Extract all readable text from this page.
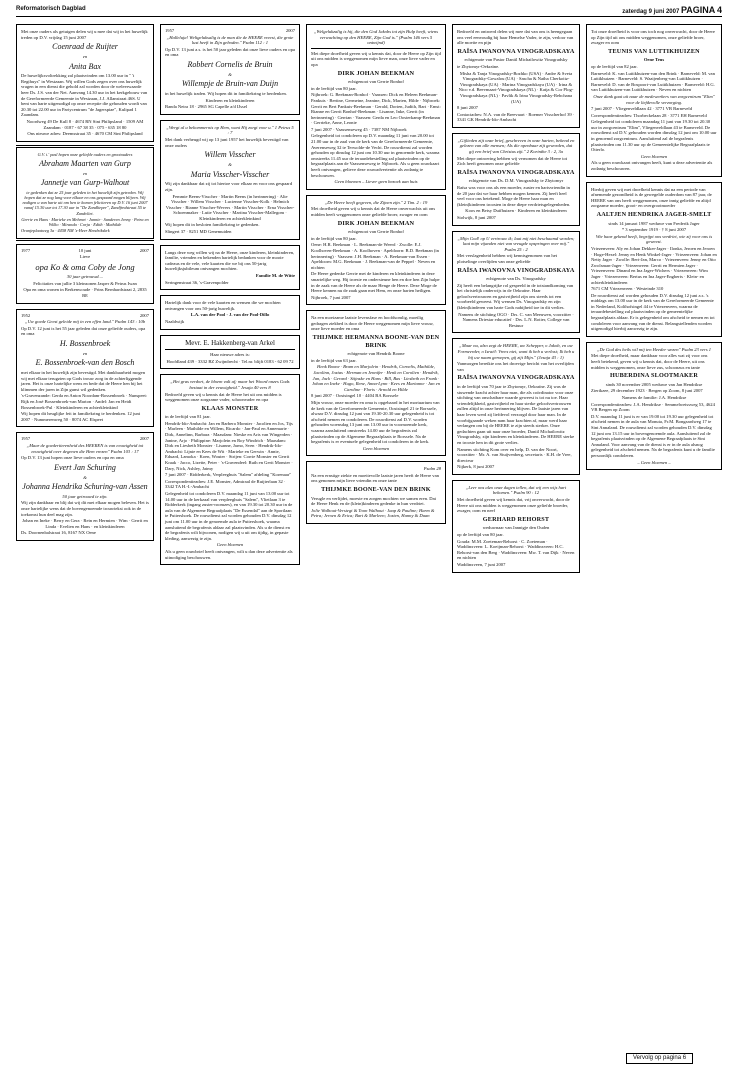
Reformatorisch Dagblad	zaterdag 9 juni 2007 PAGINA 4

Met onze ouders als getuigen delen wij u mee dat wij in het huwelijk treden op D.V. vrijdag 15 juni 2007

Coenraad de Ruijter
en
Anita Bax

De huwelijksvoltrekking zal plaatsvinden om 13.00 uur in " 't Regthuys" in Westzaan. Wij willen Gods zegen over ons huwelijk vragen in een dienst die gehold zal worden door de weleerwaarde heer Ds. J.S. van der Net. Aanvang 14.30 uur in het kerkgebouw van de Gereformeerde Gemeente in Westzaan, J.J. Allanstraat 46S. U bent van harte uitgenodigd op onze receptie die gehouden wordt van 20.30 tot 22.00 uur in Partycentrum "de Jagerspiae", Kulipad 1 Zaandam.

Noordweg 49 De Kull 8 · 4674 RN Sint Philipsland · 1509 AM Zaandam · 0187 - 67 38 35 · 075 - 635 18 80

Ons nieuwe adres: Deemsstraat 35 · 4670 CM Sint Philipsland

G.V. i.' pasl hopen onze geliefde ouders en grootouders

Abraham Maarten van Gurp
en
Jannetje van Gurp-Walhout

te gedenken dat ze 25 jaar geleden in het huwelijk zijn getreden. Wij hopen dat ze nog lang voor elkaar en ons gespaard mogen blijven. Wij nodigen u van harte uit om hen te komen feliciteren op D.V. 16 juni 2007 vanaf 15.30 uur tot 17.30 uur in "De Zandlieper", Zandfredstraat 55 te Zandvliet.

Gerrie en Hans · Marieke en Mehmet · Jannie · Sanderen Jenny · Petra en Wilko · Miranda · Corja · Edith · Mathilde

Oranjeplaatweg 3a · 4458 NM 's-Heer Hendrikskrk

1977	10 juni	2007

Lieve

opa Ko & oma Coby de Jong

30 jaar getrouwd....

Felicitaties van jullie 3 kleinzonen Jasper & Petrus Iwan

Opa en oma wonen in Berkenwoude · Prins Bernhardstraat 2, 2835 BE

1952	2007

„Uw goede Geest geleide mij in een effen land." Psalm 143 : 10b

Op D.V. 12 juni is het 55 jaar geleden dat onze geliefde ouders, opa en oma

H. Bossenbroek
en
E. Bossenbroek-van den Bosch

met elkaar in het huwelijk zijn bevestigd. Met dankbaarheid mogen wij met elkaar terugzien op Gods trouw zorg in de achterliggende jaren. Het is onze hartelijke wens en bede dat de Heere hen bij het klimmen der jaren in Zijn gunst wil gedenken.

's-Gravenzande: Gerda en Anton Noordam-Bossenbroek · Nunspeet: Rijk en José Bossenbroek-van Marion · Andel: Jan en Heidi Bossenbroek-Pul · Kleinkinderen en achterkleinkind

Wij hopen dit heuglijke feit in familiekring te herdenken. 12 juni 2007 · Nummerenweg 50 · 8074 AC Elspeet

1957	2007

„Maar de goedertierenheid des HEEREN is van eeuwigheid tot eeuwigheid over degenen die Hem vrezen" Psalm 103 : 17

Op D.V. 13 juni hopen onze lieve ouders en opa en oma

Evert Jan Schuring
&
Johanna Hendrika Schuring-van Assen

50 jaar getrouwd te zijn.

Wij zijn dankbaar en blij dat wij dit met elkaar mogen beleven. Het is onze hartelijke wens dat de bovengenoemde trouwtekst ook in de toekomst hun deel mag zijn.

Johan en Ineke · Berry en Gera · Rein en Hermien · Wim · Gerrit en Linda · Evelien en Hans · en kleinkinderen

Ds. Doornenbalstraat 16, 8167 NX Oene

1957	2007

„Halleluja! Weltgeluksalig is de man die de HEERE vreest, die grote lust heeft in Zijn geboden." Psalm 112 : 1

Op D.V. 13 juni a.s. is het 50 jaar geleden dat onze lieve ouders en opa en oma

Robbert Cornelis de Bruin
&
Willempje de Bruin-van Duijn

in het huwelijk traden. Wij hopen dit in familiekring te herdenken.

Kinderen en kleinkinderen

Banda Neira 18 · 2965 SG Capelle a/d IJssel

„Wergt al u bekommernis op Hem, want Hij zorgt voor u." 1 Petrus 5 : 7

Met dank verheugd wij op 13 juni 1957 het huwelijk bevestigd van onze ouders

Willem Visscher
&
Maria Visscher-Visscher

Wij zijn dankbaar dat zij tot hiertoe voor elkaar en voor ons gespaard zijn.

Femmie Beens-Visscher · Martin Beens (in herinnering) · Alie Visscher · Willem Visscher · Lucienne Visscher-Kolk · Helmich Visscher · Rianne Visscher-Wevers · Martin Visscher · Erna Visscher-Schoenmaker · Lutie Visscher · Martina Visscher-Mallegom · Kleinkinderen en achterkleinkind

Wij hopen dit in besloten familiekring te gedenken.

Slingert 37 · 8251 MD Genemuiden

Langs deze weg willen wij na de Heere, onze kinderen, kleinkinderen, familie, vrienden en bekenden hartelijk bedanken voor de mooie cadeaus en de vele, vele kaarten die we bij ons 50-jarig huwelijksjubileum ontvangen mochten.

Familie M. de Witte

Seringenstraat 36, 's-Gravenpolder

Hartelijk dank voor de vele kaarten en wensen die we mochten ontvangen voor ons 50-jarig huwelijk.

L.A. van der Pool · J. van der Pool-Dillo

Naaldwijk

Mevr. E. Hakkenberg-van Arkel

Haar nieuwe adres is:

Hoofdland 439 · 3332 BZ Zwijndrecht · Tel.nr. blijft 0183 - 62 09 72

„Het gras verdort, de bloem valt af; maar het Woord onzes Gods bestaat in der eeuwigheid." Jesaja 40 vers 8

Bedroefd geven wij u kennis dat de Heere het uit ons midden is weggenomen onze zorgzame vader, schoonvader en opa

KLAAS MONSTER

in de leeftijd van 81 jaar.

Hendrik-Ido-Ambacht: Jan en Barbera Monster · Jacolien en Jos, Tijs · Marleen · Mathilde en Willem, Ricardo · Jan-Paul en Annemarie · Dirk, Annelinn, Barbara · Maasdam: Nieske en Aris van Wingerden · Janine, Arjo · Philippine: Marjolein en Roy Windrich · Maasdam: Dirk en Liesbeth Monster · Lisanne, Jarno, Sven · Hendrik-Ido-Ambacht: Lijnie en Kees de Wit · Marieke en Gerwin · Annie, Eduard, Lamoka · Koen, Wouter · Strijen: Corrie Monster en Gerrit Kraak · Jacco, Lizette, Peter · 's-Gravendeel: Ruth en Gerit Monster · Dary, Nick, Ashley, Jaimy

7 juni 2007 · Ridderkerk, Verpleeghuis "Salem" afdeling "Korenaar"

Correspondentieadres: J.E. Monster, Admiraal de Ruijterlaan 32 · 3342 TA H.-I.-Ambacht

Gelegenheid tot condoleren D.V. maandag 11 juni van 13.00 uur tot 14.00 uur in de kerkzaal van verpleeghuis "Salem", Vlietlaan 3 te Ridderkerk (ingang zuster-roomzes), en van 19.30 tot 20.30 uur in de aula van de Algemene Begraafplaats "De Essendal" aan de Sportlaan te Puttershoek. De rouwdienst zal worden gehouden D.V. dinsdag 12 juni om 11.00 uur in de genoemde aula te Puttershoek, waarna aansluitend de begrafenis aldaar zal plaatsvinden. Als u de dienst en de begrafenis wilt bijwonen, nodigen wij u uit om tijdig, in gepaste kleding, aanwezig te zijn.

Geen bloemen

Als u geen rouwbrief heeft ontvangen, wilt u dan deze advertentie als uitnodiging beschouwen.

„Welgelukzalig is hij, die den God Jakobs tot zijn Hulp heeft, wiens verwachting op den HEERE, Zijn God is." (Psalm 146 vers 5 ontwijnd)

Met diepe droefheid geven wij u kennis dat, door de Heere op Zijn tijd uit ons midden is weggenomen mijn lieve man, onze lieve vader en opa

DIRK JOHAN BEEKMAN

echtgenoot van Gerrie Bonhof

in de leeftijd van 80 jaar.

Nijbroek: G. Beekman-Bonhof · Vaassen: Dick en Heleen Beekman-Pankuis · Bertine, Germeine, Jeanine, Dick, Marten, Hilde · Nijbroek: Gerrit en Bert Pankuis-Beekman · Gerald, Dorien, Judith, Bart · Emst: Rianne en Gerrit Bonhof-Beekman · Lisanne, Inke, Gerrit (in herinnering) · Gerrian · Vaassen: Gerda en Leo Oosterkamp-Beekman · Gerrieke, Anne, Leonie

7 juni 2007 · Vaassenseweg 45 · 7387 NM Nijbroek

Gelegenheid tot condoleren op D.V. maandag 11 juni van 20.00 tot 21.00 uur in de zaal van de kerk van de Gereformeerde Gemeente, Averenseweg 32 te Terwolde-de Vecht. De rouwdienst zal worden gehouden op dinsdag 12 juni om 10.30 uur in genoemde kerk, waarna omstreeks 11.45 uur de teraardebestelling zal plaatsvinden op de begraafplaats aan de Vaassenseweg te Nijbroek. Als u geen rouwkaart heeft ontvangen, gelieve deze rouwadvertentie als zodanig te beschouwen.

Geen bloemen – Liever geen bezoek aan huis

„De Heere heeft gegeven, die Zijnen zijn." 2 Tim. 2 : 19

Met droefheid geven wij u kennis dat de Heere onverwachts uit ons midden heeft weggenomen onze geliefde broer, zwager en oom

DIRK JOHAN BEEKMAN

echtgenoot van Gerrie Bonhof

in de leeftijd van 80 jaar.

Oene: H.R. Beekman · L. Beekman-de Weerd · Zwolle: E.J. Koolhoven-Beekman · A. Koolhoven · Apeldoorn: B.D. Beekman (in herinnering) · Vaassen: J.H. Beekman · A. Beekman-van Essen · Apeldoorn: M.G. Beekman · J. Beekman-van de Peppel · Neven en nichten

De Heere gedenke Gerrie met de kinderen en kleinkinderen in deze smartelijke weg. Hij troeste en ondersteune hen en doe hen Zijn hulpe in de zaak van de Heere als de maar Henge de Heere. Deze Moge de Heere kennen nu de zaak gaan met Hem, en onze harten heiligen.

Nijbroek, 7 juni 2007

Na een moeizame laatste levensfase en hoofdsomlig, moeilig gedragen ziekbed is door de Heere weggenomen mijn lieve vrouw, onze lieve moeder en oma

THIJMKE HERMANNA BOONE-VAN DEN BRINK

echtgenote van Hendrik Boone

in de leeftijd van 63 jaar.

Henk Boone · Bram en Marjolein · Hendrik, Cornelis, Mathilde, Jacolinn, Jozias · Herman en Jennifer · Henk en Corolien · Hendrik, Jan, Jack · Gerard · Stijnske en Hans · Bill, Bas · Liesbeth en Frank · Johan en Ineke · Hugo, Rene, Anna-Lynn · Kees en Marianne · Jan en Caroline · Floris · Arnold en Hilde

8 juni 2007 · Oostsingel 10 · 4404 BA Borssele

Mijn vrouw, onze moeder en oma is opgebaard in het mortuarium van de kerk van de Gereformeerde Gemeente, Oostsingel 21 te Borssele, alwaar D.V. dinsdag 12 juni van 19.30-20.30 uur gelegenheid is tot afscheid nemen en condoleren. De rouwdienst zal D.V. worden gehouden woensdag 13 juni om 13.00 uur in voornoemde kerk, waarna aansluitend omstreeks 14.00 uur de begrafenis zal plaatsvinden op de Algemene Begraafplaats te Borssele. Na de begrafenis is er eventuele gelegenheid tot condoleren in de kerk.

Geen bloemen

Psalm 28

Na een ernstige ziekte en moeitevolle laatste jaren heeft de Heere van ons genomen mijn lieve vriendin en onze tante

THIJMKE BOONE-VAN DEN BRINK

Verugle en verlijdet, moeste en zorgen mochten we samen eren. Dat de Heere Henk en de (klein)kinderen gedenke in hun verdriet.

Jolie Walhout-Verstegt & Toon Walhout · Jaap & Pauline; Harm & Petra; Jeroen & Erica; Bart & Marleen; Jozien, Hanny & Daan

Bedroefd en ontroerd delen wij mee dat van ons is heengegaan ons veel eenvoudig bij haar Hemelse Vader, te zijn, verloor van alle moeite en pijn

RAÏSA IWANOVNA VINOGRADSKAYA

echtgenote van Pastor Daniil Michailowitz Vinogradsky

te Zhytomyr-Oekraïne.

Misha & Tanja Vinogradsky-Bozhko (USA) · Andre & Sveta Vinogradsky-Gowalou (UA) · Sascha & Natha Cherkoitz-Vinogradskaya (UA) · Marina Vinogradskaya (UA) · Irina & Nico v.d. Beevmaart-Vinogradskaya (NL) · Katja & Cor Plog-Vinogradskaya (NL) · Pavlik & Irina Vinogradsky-Rebchana (UA)

8 juni 2007

Contactadres: N.A. van de Breevaart · Roemer Visscherhof 39 · 3341 GK Hendrik-Ido-Ambacht

„Gijlieden zijt onze brief, geschreven in onze harten, bekend en gelezen van alle mensen; Als die openbaar zijt geworden, dat gij een brief van Christus zijt." 2 Korinthe 3 : 2, 3a

Met diepe ontroering hebben wij vernomen dat de Heere tot Zich heeft genomen onze geliefde

RAÏSA IWANOVNA VINOGRADSKAYA

echtgenote van Ds. D.M. Vinogradsky te Zhytomyr

Raïsa was voor ons als een moeder, zuster en hartsvriendin in de 20 jaar dat we haar hebben mogen kennen. Zij heeft heel veel voor ons betekend. Moge de Heere haar man en (klein)kinderen troosten in deze diepe verdrietsgelegenheden.

Koos en Betsy Duifhuizen · Kinderen en kleinkinderen

Stolwijk, 8 juni 2007

„Mijn God! op U vertrouw ik; laat mij niet beschaamd worden; laat mijn vijanden niet van vreugde opspringen over mij." Psalm 25 : 2

Met verslagenheid hebben wij kennisgenomen van het plotselinge overlijden van onze geliefde

RAÏSA IWANOVNA VINOGRADSKAYA

echtgenote van Ds. Vinogradsky

Zij heeft een belangrijke rol gespeeld in de totstandkoming van het christelijk onderwijs in de Oekraïne. Haar geloofsvertrouwen en gastvrijheid zijn ons steeds tot een voorbeeld geweest. Wij wensen Ds. Vinogradsky en zijn (klein)kinderen van harte Gods nabijheid toe in dit verlies.

Namens de stichting OGO · Drs. C. van Meeuwen, voorzitter · Namens Driestar educatief · Drs. L.N. Rotier, College van Bestuur

„Maar nu, alzo zegt de HEERE, uw Schepper, o Jakob, en uw Formeerder, o Israël: Vrees niet, want ik heb u verlost; Ik heb u bij uw naam geroepen, gij zijt Mijn." (Jesaja 43 : 1)

Vanmorgen bereikte ons het droevige bericht van het overlijden van

RAÏSA IWANOVNA VINOGRADSKAYA

in de leeftijd van 70 jaar te Zhytomyr, Oekraïne. Zij was de stuwende kracht achter haar man, die als coördinator voor onze stichting van onschatbare waarde geweest is tot nu toe. Haar vriendelijkheid, gastvrijheid en haar sterke geloofsvertrouwen zullen altijd in onze herinnering blijven. De laatste jaren van haar leven werd zij liefdevol verzorgd door haar man. In de voorbijgaande weken nam haar krachten af, maar werd haar verlangen om bij de HEERE te zijn steeds sterker. Onze gedachten gaan uit naar onze broeder, Daniil Michailowitz Vinogradsky, zijn kinderen en kleinkinderen. De HEERE sterke en trooste hen in dit grote verlies.

Namens stichting Kom over en help, D. van der Noort, voorzitter · Mr. A. van Stuijvenberg, secretaris · K.H. de Vree, directeur

Nijkerk, 8 juni 2007

„Leer ons alzo onze dagen tellen, dat wij een wijs hart bekomen." Psalm 90 : 12

Met droefheid geven wij kennis dat, vrij onverwacht, door de Heere uit ons midden is weggenomen onze geliefde broeder, zwager, oom en neef

GERHARD REHORST

weduwnaar van Jannigje den Ouden

op de leeftijd van 80 jaar.

Gouda: M.M. Zoeteman-Rehorst · C. Zoeteman · Waddinxveen: L. Koeijman-Rehorst · Waddinxveen: H.C. Rehorst-van den Berg · Waddinxveen: Mw. T. van Dijk · Neven en nichten

Waddinxveen, 7 juni 2007

Tot onze droefheid is voor ons toch nog onverwacht, door de Heere op Zijn tijd uit ons midden weggenomen, onze geliefde broer, zwager en oom

TEUNIS VAN LUTTIKHUIZEN

Oene Teus

op de leeftijd van 82 jaar.

Barneveld: K. van Luttikhuizen-van den Brink · Barneveld: M. van Luttikhuizen · Barneveld: S. Waaijenberg-van Luttikhuizen · Barneveld: D. van de Bospoort-van Luttikhuizen · Barneveld: H.G. van Luttikhuizen-van Luttikhuizen · Neven en nichten

Onze dank gaat uit naar de medewerkers van zorgcentrum "Elim" voor de liefdevolle verzorging.

7 juni 2007 · Vliegenveldlaan 42 · 3771 VB Barneveld

Correspondentieadres: Thorbeckelaan 28 · 3771 EH Barneveld

Gelegenheid tot condoleren maandag 11 juni van 19.30 tot 20.30 uur in zorgcentrum "Elim", Vliegenveldlaan 43 te Barneveld. De rouwdienst zal D.V. gehouden worden dinsdag 12 juni om 10.00 uur in genoemd zorgcentrum. Aansluitend zal de begrafenis plaatsvinden om 11.30 uur op de Gemeentelijke Begraafplaats te Otterlo.

Geen bloemen

Als u geen rouwkaart ontvangen heeft, kunt u deze advertentie als zodanig beschouwen.

Hierbij geven wij met droefheid kennis dat na een periode van afnemende gezondheid is de gewegelde ouderdom van 87 jaar, de HEERE van ons heeft weggenomen, onze innig geliefde en altijd zorgzame moeder, groot- en overgrootmoeder

AALTJEN HENDRIKA JAGER-SMELT

sinds 14 januari 1987 weduwe van Frederik Jager

* 3 september 1919 · † 8 juni 2007

Wie haar gekend heeft, begrijpt ons verdriet, wie zij voor ons is geweest.

Vriezenveen: Aly en Johan Dekker-Jager · Ilonka, Jeroen en Jeroen · Hoge-Hexel: Jenny en Henk Winkel-Jager · Vriezenveen: Johan en Netty Jager · Zwolle: Bert-Jan, Marco · Vriezenveen: Jenny en Otto Zwolsman-Jager · Vriezenveen: Gerrit en Hermien Jager · Vriezenveen: Dinand en Ina Jager-Wichers · Vriezenveen: Wim Jager · Vriezenveen: Bertus en Ina Jager-Engberts · Klein- en achterkleinkinderen

7671 CM Vriezenveen · Westeinde 310

De rouwdienst zal worden gehouden D.V. dinsdag 12 juni a.s. 's middags om 13.00 uur in de kerk van de Gereformeerde Gemeente in Nederland, Kolthofsingel 44 te Vriezenveen, waarna de teraardebestelling zal plaatsvinden op de gemeentelijke begraafplaats aldaar. Er is gelegenheid om afscheid te nemen en tot condoleren voor aanvang van de dienst. Belangstellenden worden uitgenodigd hierbij aanwezig te zijn.

„De God des heils wil mij ten Heeder wezen" Psalm 23 vers 1

Met diepe droefheid, maar dankbaar voor alles wat zij voor ons heeft betekend, geven wij u kennis dat, door de Heere, uit ons midden is weggenomen, onze lieve zus, schoonzus en tante

HUBERDINA SLOOTMAKER

sinds 30 november 2005 weduwe van Jan Hendrikse

Zierikzee, 29 december 1923 · Bergen op Zoom, 8 juni 2007

Namens de familie: J.A. Hendrikse

Correspondentieadres: J.A. Hendrikse · Semmelweissweg 53, 4624 VB Bergen op Zoom

D.V. maandag 11 juni is er van 19.00 tot 19.30 uur gelegenheid tot afscheid nemen in de aula van Monuta, Fr.M. Bongaardweg 17 te Sint Annaland. De rouwdienst zal worden gehouden D.V. dinsdag 12 juni om 13.15 uur in bovengenoemde aula. Aansluitend zal de begrafenis plaatsvinden op de Algemene Begraafplaats te Sint Annaland. Voor aanvang van de dienst is er in de aula alsnog gelegenheid tot afscheid nemen. Na de begrafenis kunt u de familie persoonlijk condoleren.

– Geen bloemen –

Vervolg op pagina 6
